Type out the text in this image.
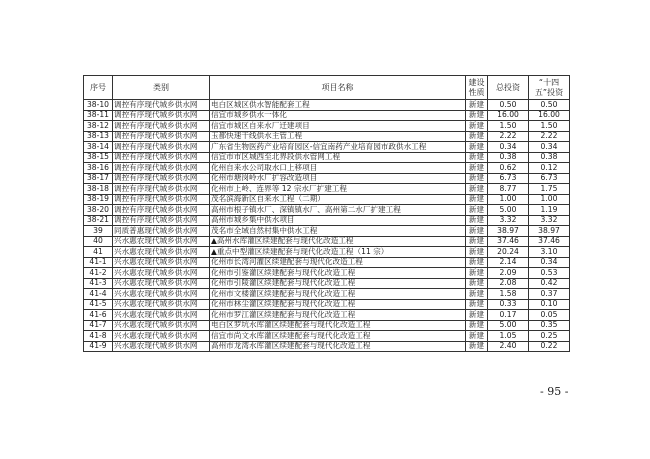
序号	类别	项目名称	建设性质	总投资	“十四五”投资
38-10	调控有序现代城乡供水网	电白区城区供水智能配套工程	新建	0.50	0.50
38-11	调控有序现代城乡供水网	信宜市城乡供水一体化	新建	16.00	16.00
38-12	调控有序现代城乡供水网	信宜市城区自来水厂迁建项目	新建	1.50	1.50
38-13	调控有序现代城乡供水网	玉都快速干线供水主管工程	新建	2.22	2.22
38-14	调控有序现代城乡供水网	广东省生物医药产业培育园区-信宜南药产业培育园市政供水工程	新建	0.34	0.34
38-15	调控有序现代城乡供水网	信宜市市区城西至北界段供水管网工程	新建	0.38	0.38
38-16	调控有序现代城乡供水网	化州自来水公司取水口上移项目	新建	0.62	0.12
38-17	调控有序现代城乡供水网	化州市塘岗岭水厂扩容改造项目	新建	6.73	6.73
38-18	调控有序现代城乡供水网	化州市上岭、连界等 12 宗水厂扩建工程	新建	8.77	1.75
38-19	调控有序现代城乡供水网	茂名滨海新区自来水工程（二期）	新建	1.00	1.00
38-20	调控有序现代城乡供水网	高州市根子镇水厂、深镇镇水厂、高州第二水厂扩建工程	新建	5.00	1.19
38-21	调控有序现代城乡供水网	高州市城乡集中供水项目	新建	3.32	3.32
39	同质普惠现代城乡供水网	茂名市全域自然村集中供水工程	新建	38.97	38.97
40	兴水惠农现代城乡供水网	▲高州水库灌区续建配套与现代化改造工程	新建	37.46	37.46
41	兴水惠农现代城乡供水网	▲重点中型灌区续建配套与现代化改造工程（11 宗）	新建	20.24	3.10
41-1	兴水惠农现代城乡供水网	化州市长湾河灌区续建配套与现代化改造工程	新建	2.14	0.34
41-2	兴水惠农现代城乡供水网	化州市引鉴灌区续建配套与现代化改造工程	新建	2.09	0.53
41-3	兴水惠农现代城乡供水网	化州市引陵灌区续建配套与现代化改造工程	新建	2.08	0.42
41-4	兴水惠农现代城乡供水网	化州市文楼灌区续建配套与现代化改造工程	新建	1.58	0.37
41-5	兴水惠农现代城乡供水网	化州市林尘灌区续建配套与现代化改造工程	新建	0.33	0.10
41-6	兴水惠农现代城乡供水网	化州市罗江灌区续建配套与现代化改造工程	新建	0.17	0.05
41-7	兴水惠农现代城乡供水网	电白区罗坑水库灌区续建配套与现代化改造工程	新建	5.00	0.35
41-8	兴水惠农现代城乡供水网	信宜市尚文水库灌区续建配套与现代化改造工程	新建	1.05	0.25
41-9	兴水惠农现代城乡供水网	高州市龙湾水库灌区续建配套与现代化改造工程	新建	2.40	0.22
- 95 -
